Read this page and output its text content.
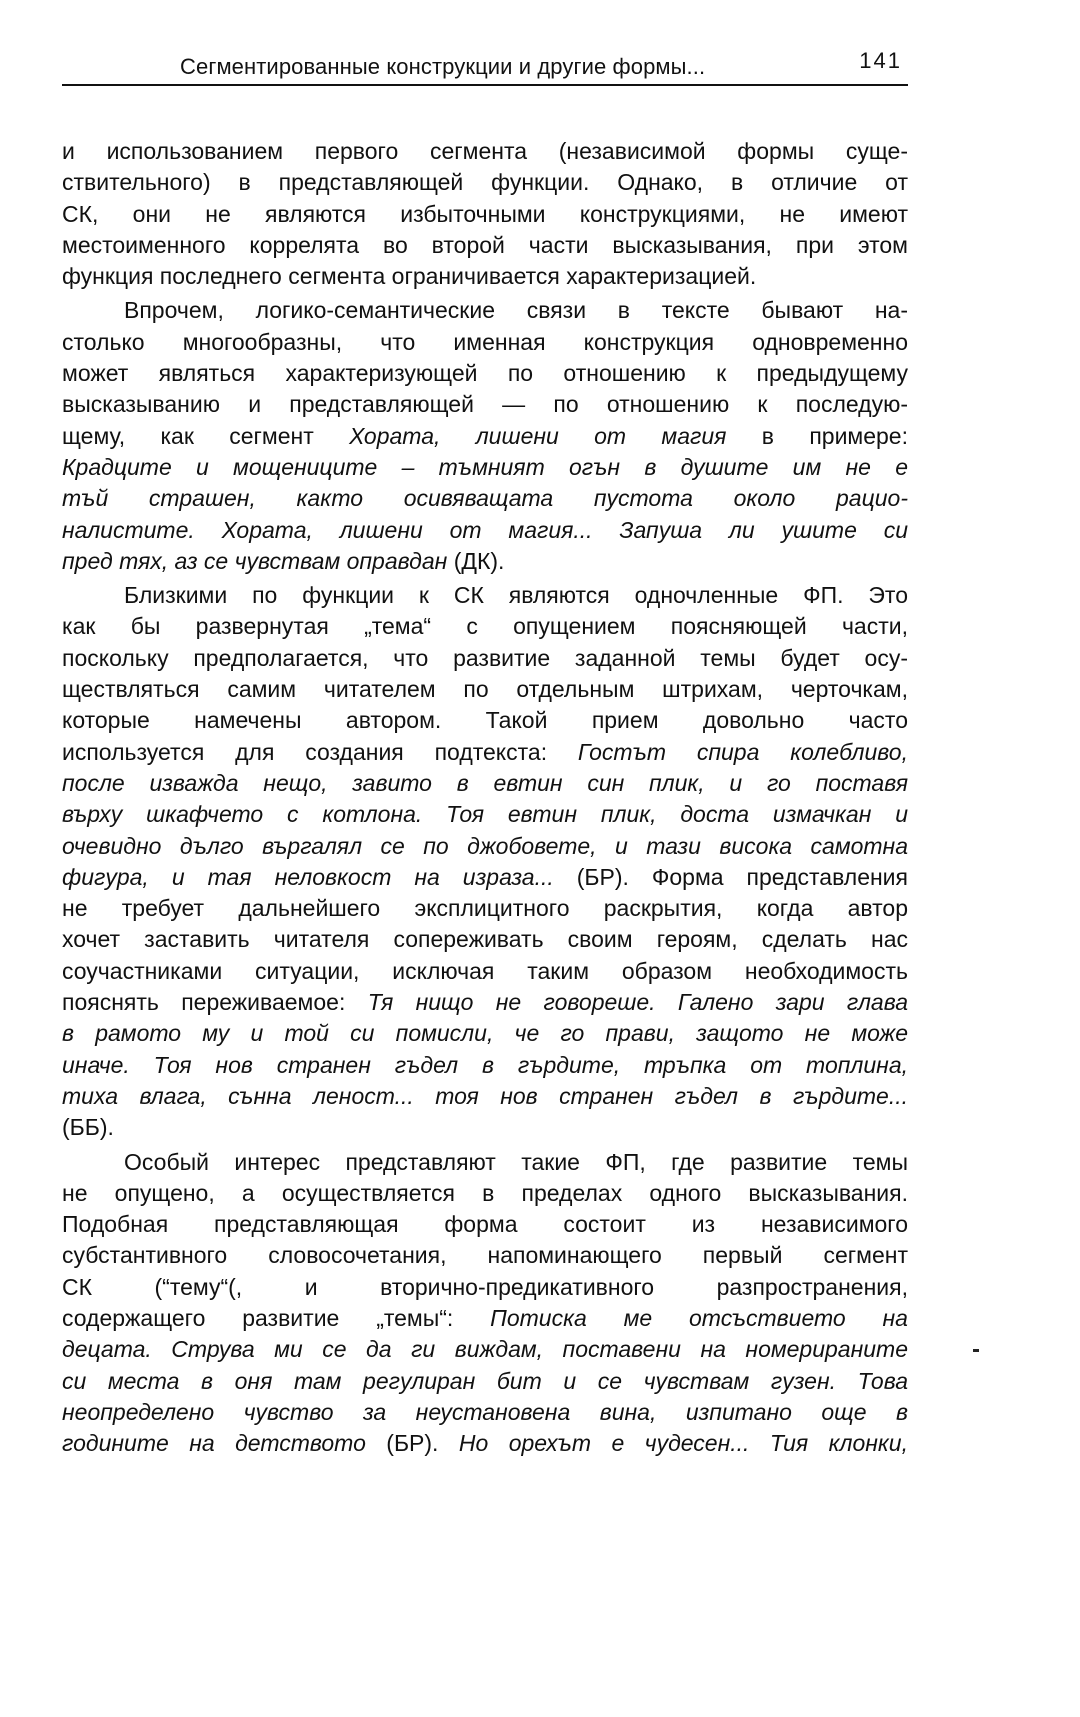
Сегментированные конструкции и другие формы...	141
и использованием первого сегмента (независимой формы суще-
ствительного) в представляющей функции. Однако, в отличие от
СК, они не являются избыточными конструкциями, не имеют
местоименного коррелята во второй части высказывания, при этом
функция последнего сегмента ограничивается характеризацией.
Впрочем, логико-семантические связи в тексте бывают на-
столько многообразны, что именная конструкция одновременно
может являться характеризующей по отношению к предыдущему
высказыванию и представляющей — по отношению к последую-
щему, как сегмент Хората, лишени от магия в примере:
Крадците и мощениците – тъмният огън в душите им не е
тъй страшен, както осивяващата пустота около рацио-
налистите. Хората, лишени от магия... Запуша ли ушите си
пред тях, аз се чувствам оправдан (ДК).
Близкими по функции к СК являются одночленные ФП. Это
как бы развернутая „тема“ с опущением поясняющей части,
поскольку предполагается, что развитие заданной темы будет осу-
ществляться самим читателем по отдельным штрихам, черточкам,
которые намечены автором. Такой прием довольно часто
используется для создания подтекста: Гостът спира колебливо,
после изважда нещо, завито в евтин син плик, и го поставя
върху шкафчето с котлона. Тоя евтин плик, доста измачкан и
очевидно дълго въргалял се по джобовете, и тази висока самотна
фигура, и тая неловкост на израза... (БР). Форма представления
не требует дальнейшего эксплицитного раскрытия, когда автор
хочет заставить читателя сопереживать своим героям, сделать нас
соучастниками ситуации, исключая таким образом необходимость
пояснять переживаемое: Тя нищо не говореше. Галено зари глава
в рамото му и той си помисли, че го прави, защото не може
иначе. Тоя нов странен гъдел в гърдите, тръпка от топлина,
тиха влага, сънна леност... тоя нов странен гъдел в гърдите...
(ББ).
Особый интерес представляют такие ФП, где развитие темы
не опущено, а осуществляется в пределах одного высказывания.
Подобная представляющая форма состоит из независимого
субстантивного словосочетания, напоминающего первый сегмент
СК (“тему“(, и вторично-предикативного разпространения,
содержащего развитие „темы“: Потиска ме отсъствието на
децата. Струва ми се да ги виждам, поставени на номерираните
си места в оня там регулиран бит и се чувствам гузен. Това
неопределено чувство за неустановена вина, изпитано още в
годините на детството (БР). Но орехът е чудесен... Тия клонки,
